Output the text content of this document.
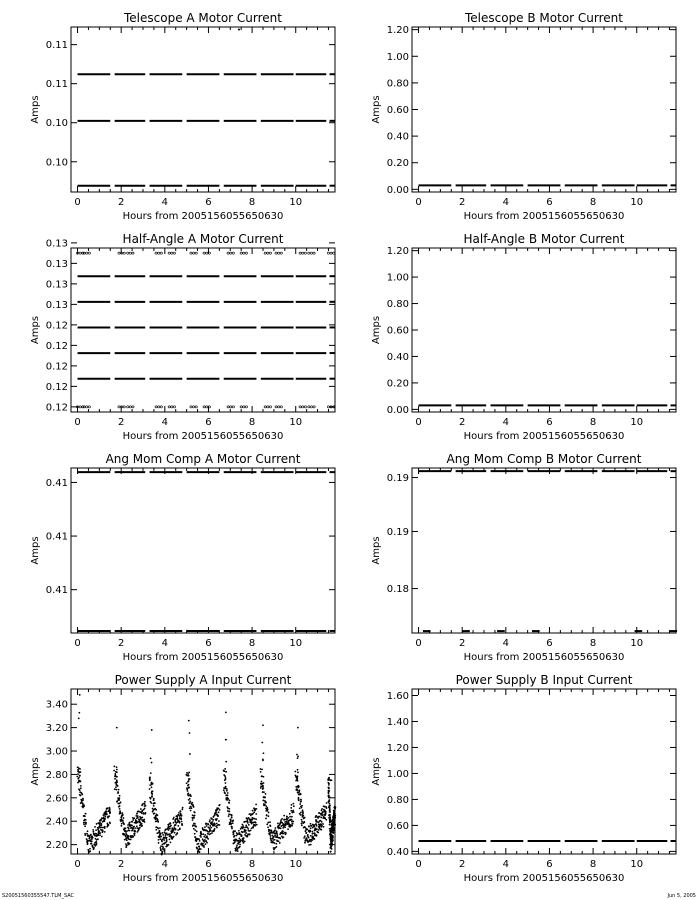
Telescope A Motor Current
Hours from 2005156055650630
Amps
0	2	4	6	8	10
0.10
0.10
0.11
0.11
Telescope B Motor Current
Hours from 2005156055650630
Amps
0	2	4	6	8	10
0.00
0.20
0.40
0.60
0.80
1.00
1.20
Half-Angle A Motor Current
Hours from 2005156055650630
Amps
0	2	4	6	8	10
0.12
0.12
0.12
0.12
0.12
0.13
0.13
0.13
0.13	Half-Angle B Motor Current
Hours from 2005156055650630
Amps
0	2	4	6	8	10
0.00
0.20
0.40
0.60
0.80
1.00
1.20
Ang Mom Comp A Motor Current
Hours from 2005156055650630
Amps
0	2	4	6	8	10
0.41
0.41
0.41
Ang Mom Comp B Motor Current
Hours from 2005156055650630
Amps
0	2	4	6	8	10
0.18
0.19
0.19
Power Supply A Input Current
Hours from 2005156055650630
Amps
0	2	4	6	8	10
2.20
2.40
2.60
2.80
3.00
3.20
3.40
Power Supply B Input Current
Hours from 2005156055650630
Amps
0	2	4	6	8	10
0.40
0.60
0.80
1.00
1.20
1.40
1.60
S20051560355547.TLM_SAC	Jun 5, 2005
